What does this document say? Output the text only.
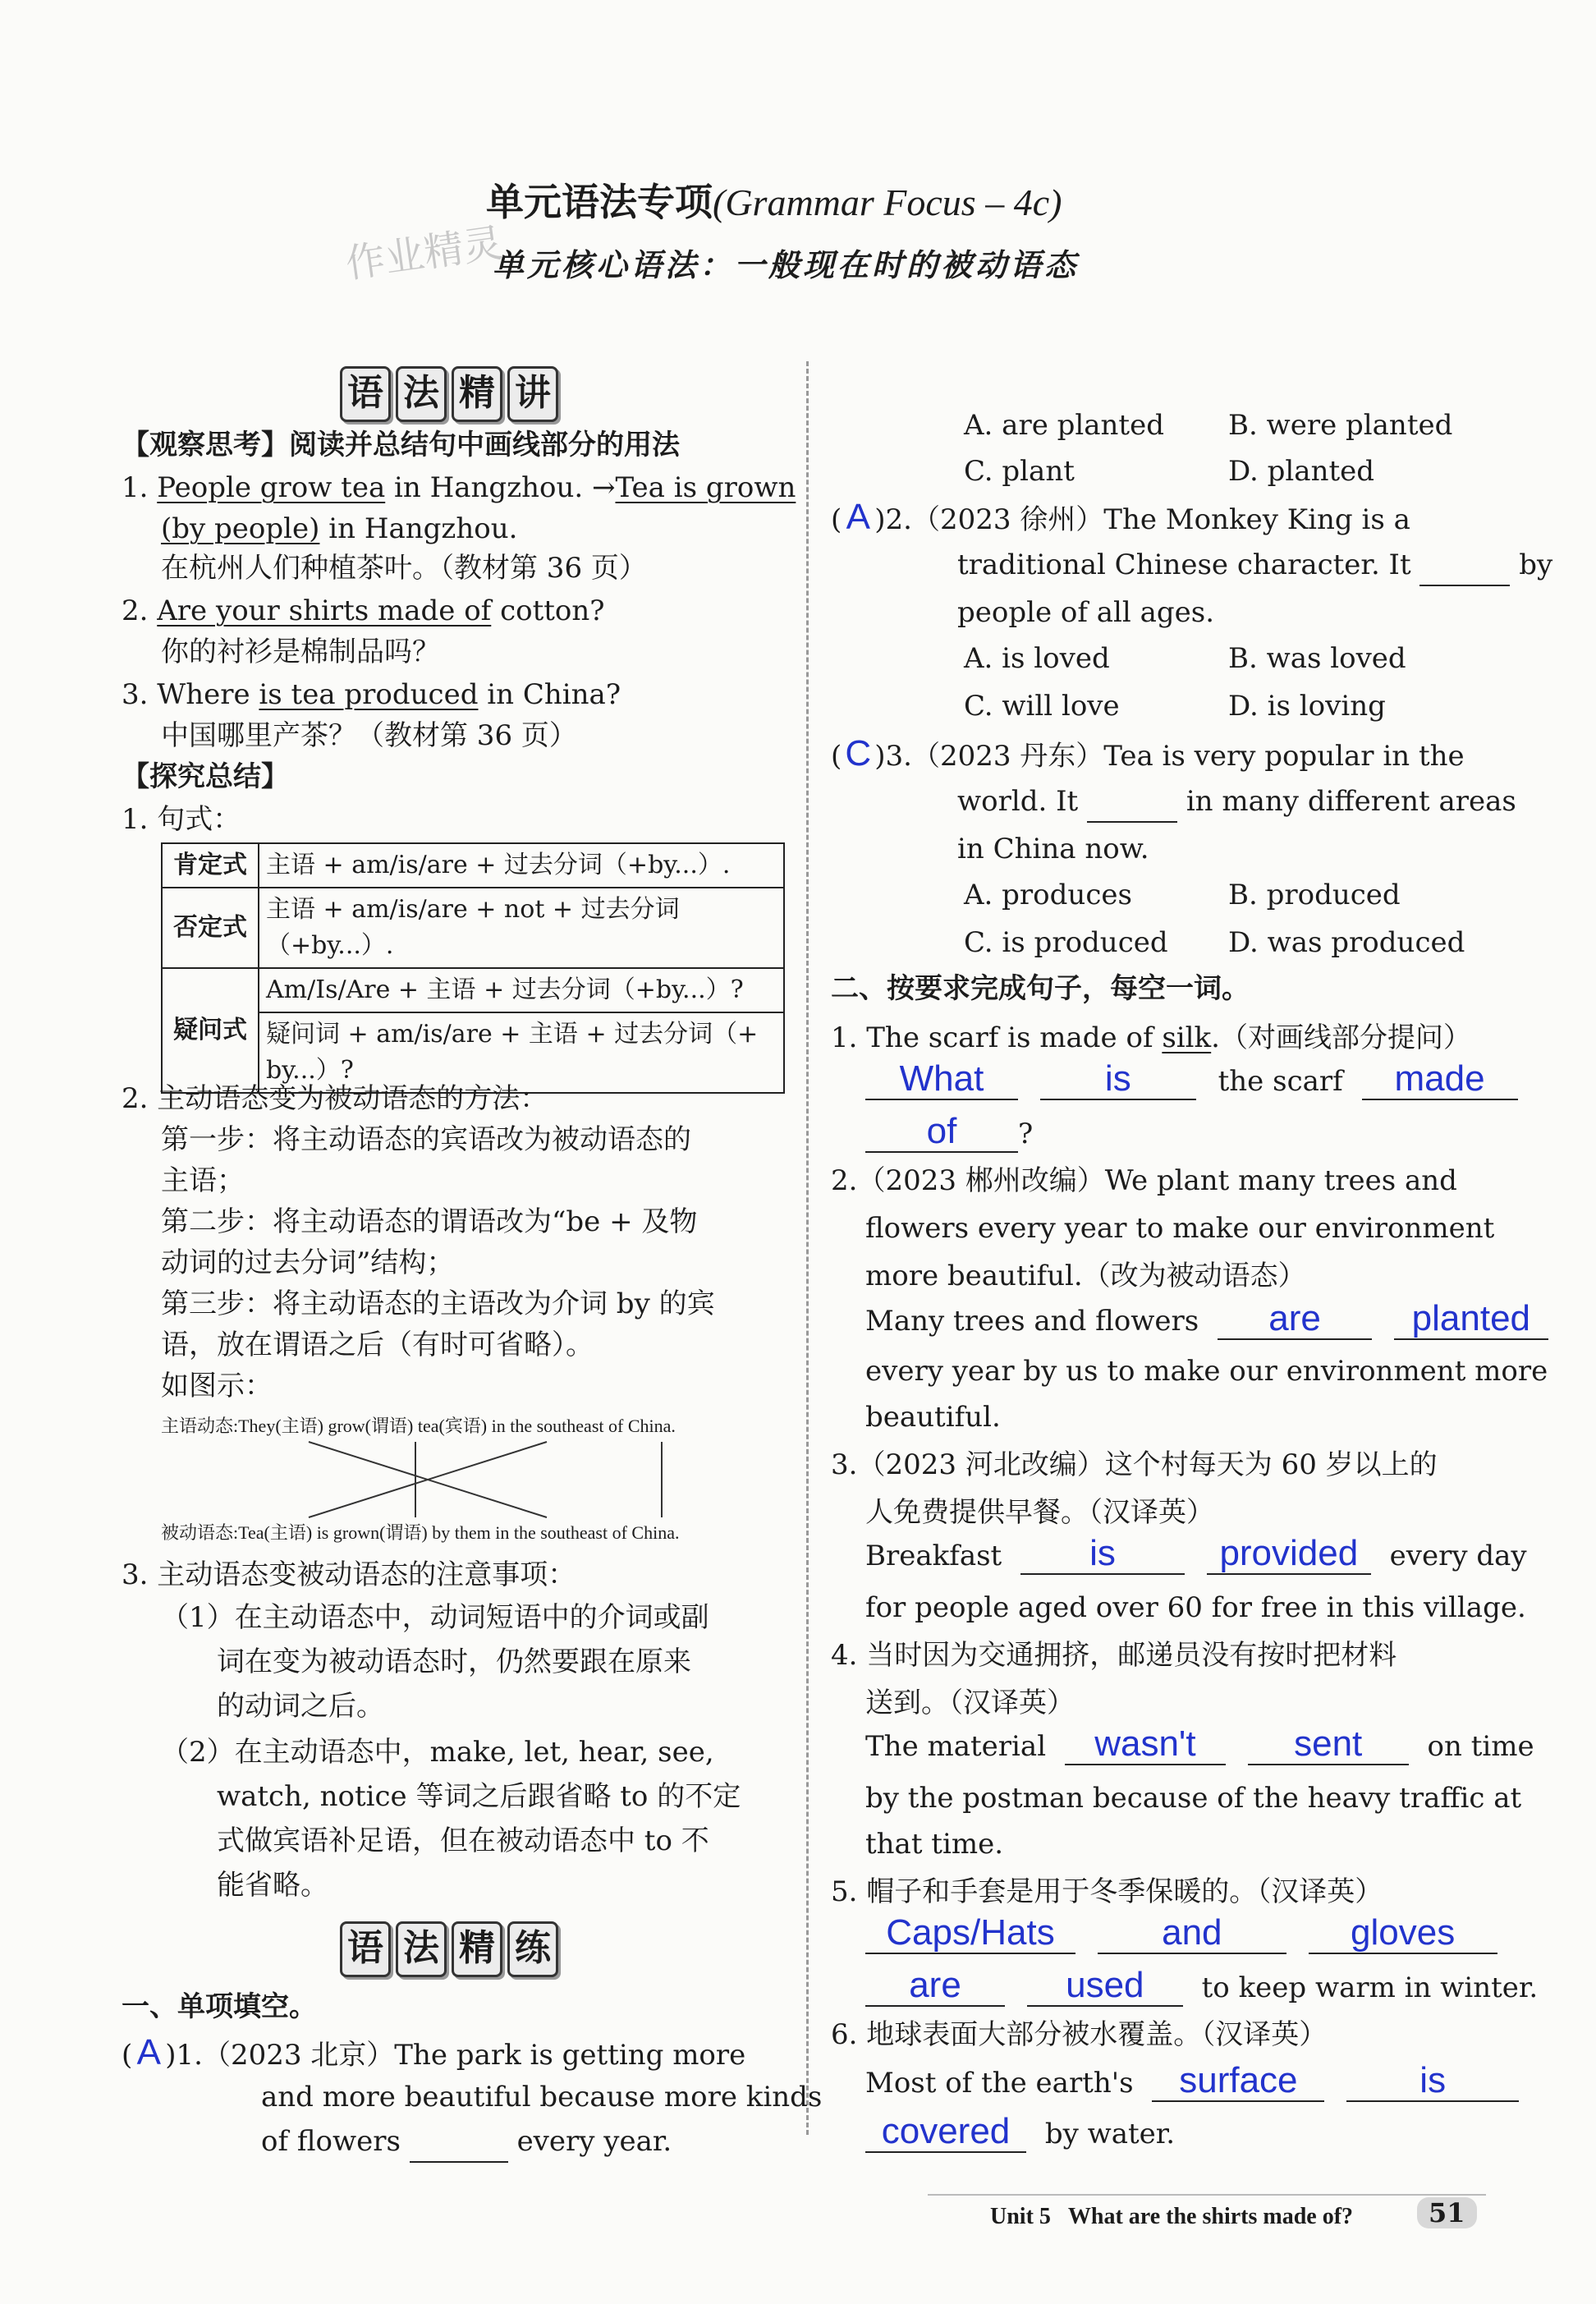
单元语法专项(Grammar Focus – 4c)
单元核心语法：一般现在时的被动语态
作业精灵
语 法 精 讲
【观察思考】阅读并总结句中画线部分的用法
1. People grow tea in Hangzhou. →Tea is grown
(by people) in Hangzhou.
在杭州人们种植茶叶。（教材第 36 页）
2. Are your shirts made of cotton?
你的衬衫是棉制品吗？
3. Where is tea produced in China?
中国哪里产茶？（教材第 36 页）
【探究总结】
1. 句式：
肯定式	主语 + am/is/are + 过去分词（+by...）.
否定式	主语 + am/is/are + not + 过去分词（+by...）.
疑问式	Am/Is/Are + 主语 + 过去分词（+by...）?
	疑问词 + am/is/are + 主语 + 过去分词（+ by...）?
2. 主动语态变为被动语态的方法：
第一步：将主动语态的宾语改为被动语态的
主语；
第二步：将主动语态的谓语改为“be + 及物
动词的过去分词”结构；
第三步：将主动语态的主语改为介词 by 的宾
语，放在谓语之后（有时可省略）。
如图示：
主语动态:They(主语) grow(谓语) tea(宾语) in the southeast of China.
被动语态:Tea(主语) is grown(谓语) by them in the southeast of China.
3. 主动语态变被动语态的注意事项：
（1）在主动语态中，动词短语中的介词或副
词在变为被动语态时，仍然要跟在原来
的动词之后。
（2）在主动语态中，make, let, hear, see,
watch, notice 等词之后跟省略 to 的不定
式做宾语补足语，但在被动语态中 to 不
能省略。
语 法 精 练
一、单项填空。
( A )1.（2023 北京）The park is getting more
and more beautiful because more kinds
of flowers	every year.
A. are planted B. were planted
C. plant	D. planted
( A )2.（2023 徐州）The Monkey King is a
traditional Chinese character. It	by
people of all ages.
A. is loved	B. was loved
C. will love	D. is loving
(C )3.（2023 丹东）Tea is very popular in the
world. It	in many different areas
in China now.
A. produces	B. produced
C. is produced D. was produced
二、按要求完成句子，每空一词。
1. The scarf is made of silk.（对画线部分提问）
What	is	the scarf made
of ?
2.（2023 郴州改编）We plant many trees and
flowers every year to make our environment
more beautiful.（改为被动语态）
Many trees and flowers are	planted
every year by us to make our environment more
beautiful.
3.（2023 河北改编）这个村每天为 60 岁以上的
人免费提供早餐。（汉译英）
Breakfast is	provided every day
for people aged over 60 for free in this village.
4. 当时因为交通拥挤，邮递员没有按时把材料
送到。（汉译英）
The material wasn't	sent on time
by the postman because of the heavy traffic at
that time.
5. 帽子和手套是用于冬季保暖的。（汉译英）
Caps/Hats	and	gloves
are	used to keep warm in winter.
6. 地球表面大部分被水覆盖。（汉译英）
Most of the earth's surface	is
covered by water.
Unit 5 What are the shirts made of?	51
